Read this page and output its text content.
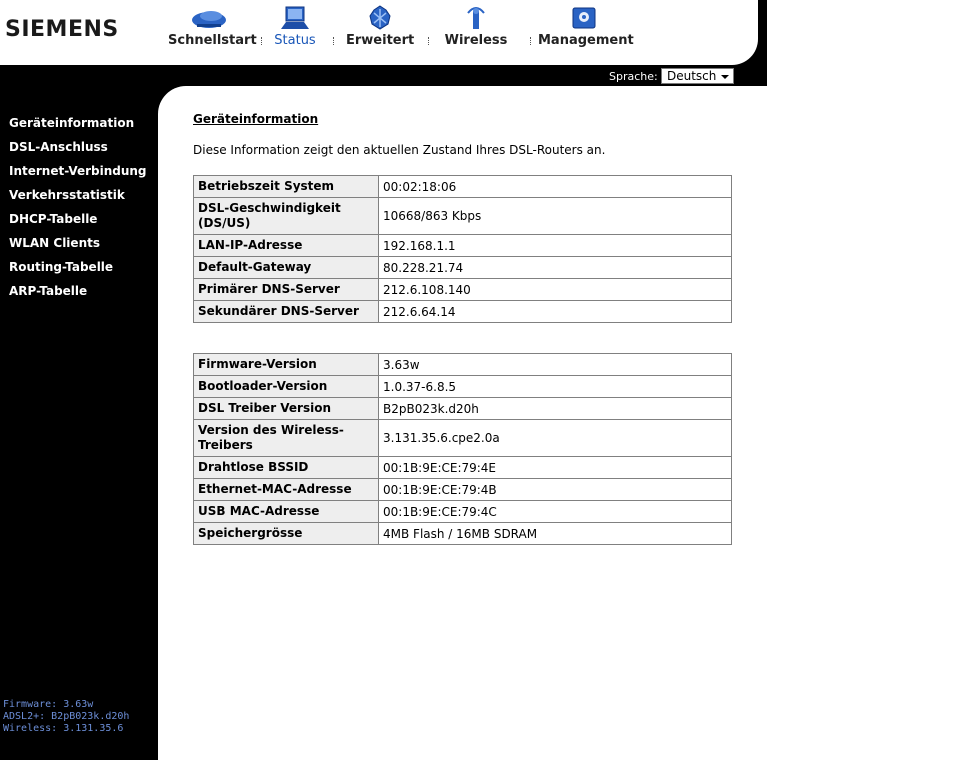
SIEMENS	Schnellstart	Status	Erweitert Wireless Management
Sprache: Deutsch
Geräteinformation
DSL-Anschluss
Internet-Verbindung
Verkehrsstatistik
DHCP-Tabelle
WLAN Clients
Routing-Tabelle
ARP-Tabelle
Firmware: 3.63w
ADSL2+: B2pB023k.d20h
Wireless: 3.131.35.6
Geräteinformation
Diese Information zeigt den aktuellen Zustand Ihres DSL-Routers an.
Betriebszeit System	00:02:18:06
DSL-Geschwindigkeit (DS/US)	10668/863 Kbps
LAN-IP-Adresse	192.168.1.1
Default-Gateway	80.228.21.74
Primärer DNS-Server	212.6.108.140
Sekundärer DNS-Server	212.6.64.14
Firmware-Version	3.63w
Bootloader-Version	1.0.37-6.8.5
DSL Treiber Version	B2pB023k.d20h
Version des Wireless-Treibers	3.131.35.6.cpe2.0a
Drahtlose BSSID	00:1B:9E:CE:79:4E
Ethernet-MAC-Adresse	00:1B:9E:CE:79:4B
USB MAC-Adresse	00:1B:9E:CE:79:4C
Speichergrösse	4MB Flash / 16MB SDRAM
